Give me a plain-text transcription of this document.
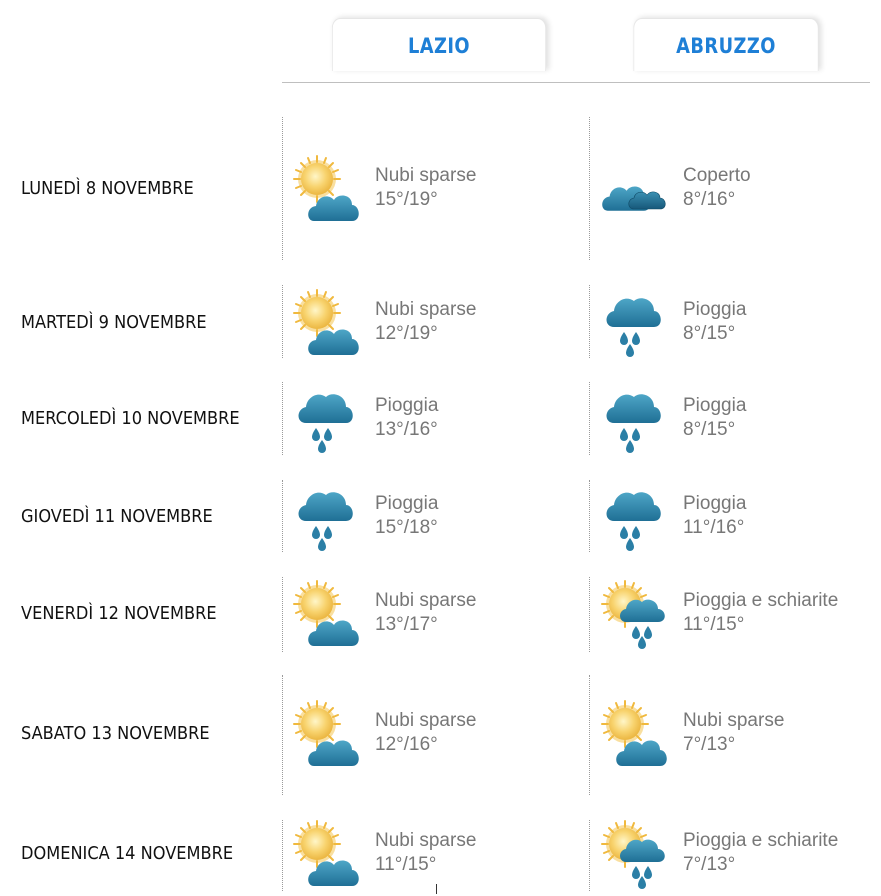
LAZIO	ABRUZZO
LUNEDÌ 8 NOVEMBRE
Nubi sparse
15°/19°
Coperto
8°/16°
MARTEDÌ 9 NOVEMBRE
Nubi sparse
12°/19°
Pioggia
8°/15°
MERCOLEDÌ 10 NOVEMBRE
Pioggia
13°/16°
Pioggia
8°/15°
GIOVEDÌ 11 NOVEMBRE
Pioggia
15°/18°
Pioggia
11°/16°
VENERDÌ 12 NOVEMBRE
Nubi sparse
13°/17°
Pioggia e schiarite
11°/15°
SABATO 13 NOVEMBRE
Nubi sparse
12°/16°
Nubi sparse
7°/13°
DOMENICA 14 NOVEMBRE
Nubi sparse
11°/15°
Pioggia e schiarite
7°/13°
